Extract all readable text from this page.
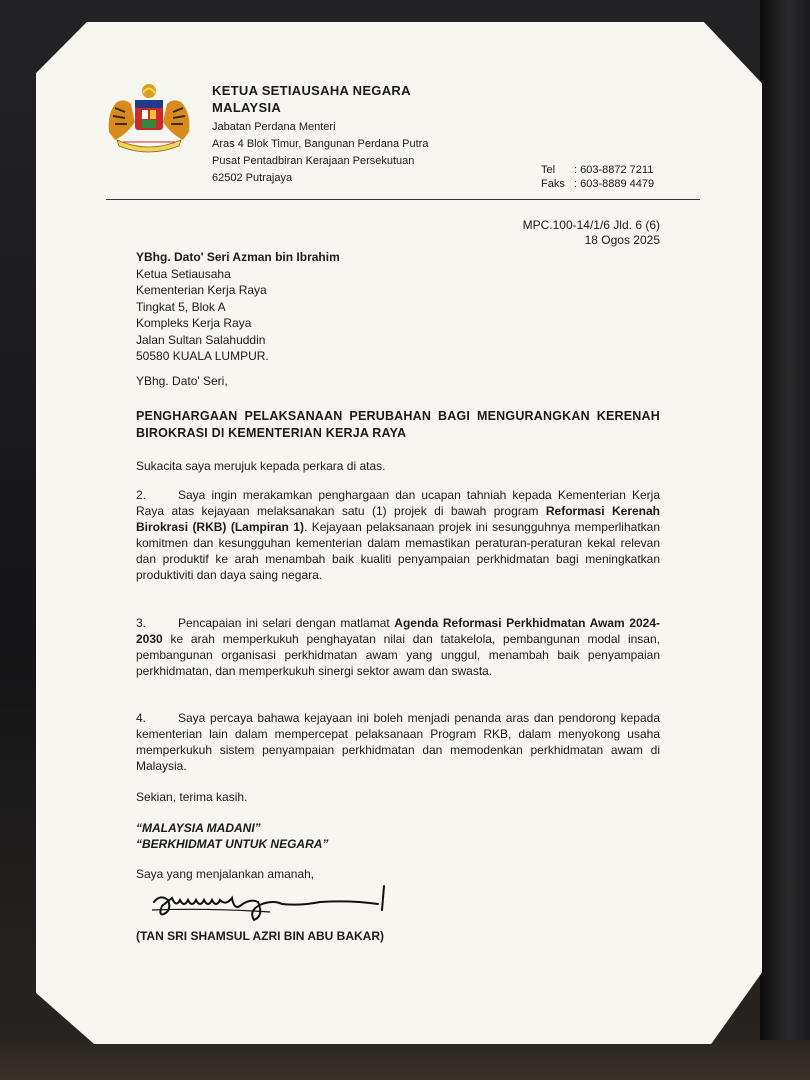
KETUA SETIAUSAHA NEGARA
MALAYSIA
Jabatan Perdana Menteri
Aras 4 Blok Timur, Bangunan Perdana Putra
Pusat Pentadbiran Kerajaan Persekutuan
62502 Putrajaya
Tel : 603-8872 7211
Faks : 603-8889 4479
MPC.100-14/1/6 Jld. 6 (6)
18 Ogos 2025
YBhg. Dato' Seri Azman bin Ibrahim
Ketua Setiausaha
Kementerian Kerja Raya
Tingkat 5, Blok A
Kompleks Kerja Raya
Jalan Sultan Salahuddin
50580 KUALA LUMPUR.
YBhg. Dato' Seri,
PENGHARGAAN PELAKSANAAN PERUBAHAN BAGI MENGURANGKAN KERENAH BIROKRASI DI KEMENTERIAN KERJA RAYA
Sukacita saya merujuk kepada perkara di atas.
2.	Saya ingin merakamkan penghargaan dan ucapan tahniah kepada Kementerian Kerja Raya atas kejayaan melaksanakan satu (1) projek di bawah program Reformasi Kerenah Birokrasi (RKB) (Lampiran 1). Kejayaan pelaksanaan projek ini sesungguhnya memperlihatkan komitmen dan kesungguhan kementerian dalam memastikan peraturan-peraturan kekal relevan dan produktif ke arah menambah baik kualiti penyampaian perkhidmatan bagi meningkatkan produktiviti dan daya saing negara.
3.	Pencapaian ini selari dengan matlamat Agenda Reformasi Perkhidmatan Awam 2024-2030 ke arah memperkukuh penghayatan nilai dan tatakelola, pembangunan modal insan, pembangunan organisasi perkhidmatan awam yang unggul, menambah baik penyampaian perkhidmatan, dan memperkukuh sinergi sektor awam dan swasta.
4.	Saya percaya bahawa kejayaan ini boleh menjadi penanda aras dan pendorong kepada kementerian lain dalam mempercepat pelaksanaan Program RKB, dalam menyokong usaha memperkukuh sistem penyampaian perkhidmatan dan memodenkan perkhidmatan awam di Malaysia.
Sekian, terima kasih.
“MALAYSIA MADANI”
“BERKHIDMAT UNTUK NEGARA”
Saya yang menjalankan amanah,
(TAN SRI SHAMSUL AZRI BIN ABU BAKAR)
